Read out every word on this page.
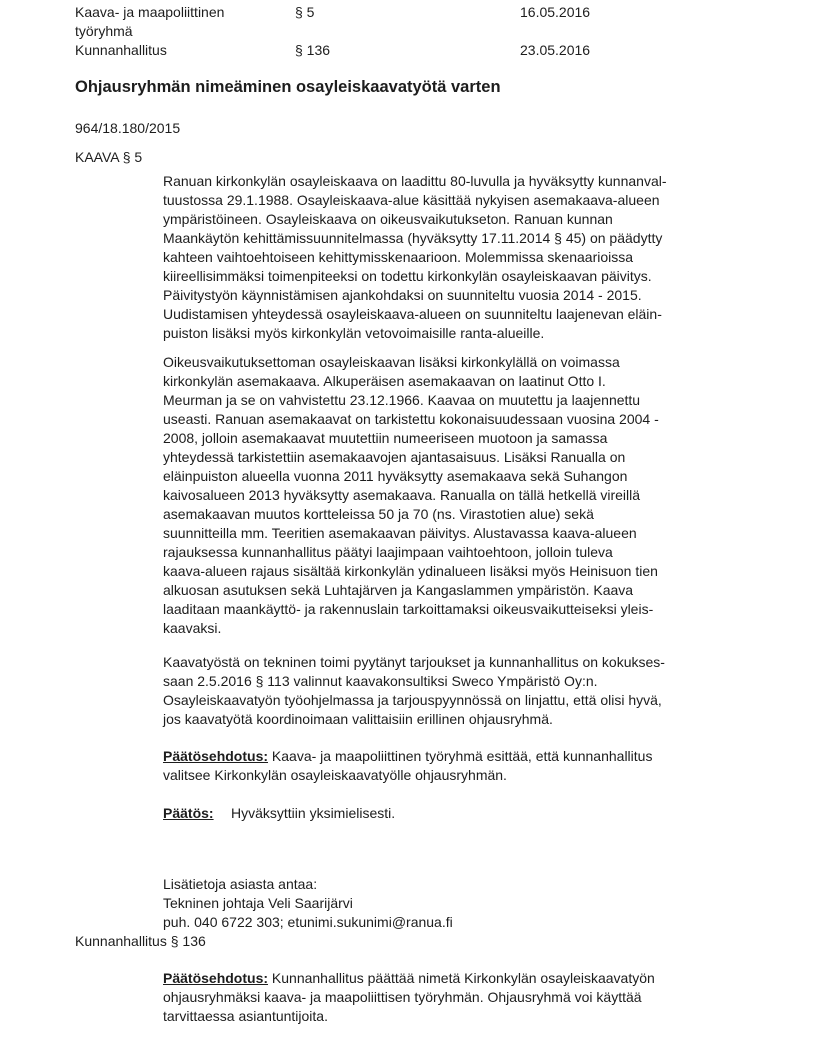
Kaava- ja maapoliittinen
työryhmä
§ 5	16.05.2016
Kunnanhallitus	§ 136	23.05.2016

Ohjausryhmän nimeäminen osayleiskaavatyötä varten

964/18.180/2015

KAAVA § 5

Ranuan kirkonkylän osayleiskaava on laadittu 80-luvulla ja hyväksytty kunnanval-
tuustossa 29.1.1988. Osayleiskaava-alue käsittää nykyisen asemakaava-alueen
ympäristöineen. Osayleiskaava on oikeusvaikutukseton. Ranuan kunnan
Maankäytön kehittämissuunnitelmassa (hyväksytty 17.11.2014 § 45) on päädytty
kahteen vaihtoehtoiseen kehittymisskenaarioon. Molemmissa skenaarioissa
kiireellisimmäksi toimenpiteeksi on todettu kirkonkylän osayleiskaavan päivitys.
Päivitystyön käynnistämisen ajankohdaksi on suunniteltu vuosia 2014 - 2015.
Uudistamisen yhteydessä osayleiskaava-alueen on suunniteltu laajenevan eläin-
puiston lisäksi myös kirkonkylän vetovoimaisille ranta-alueille.

Oikeusvaikutuksettoman osayleiskaavan lisäksi kirkonkylällä on voimassa
kirkonkylän asemakaava. Alkuperäisen asemakaavan on laatinut Otto I.
Meurman ja se on vahvistettu 23.12.1966. Kaavaa on muutettu ja laajennettu
useasti. Ranuan asemakaavat on tarkistettu kokonaisuudessaan vuosina 2004 -
2008, jolloin asemakaavat muutettiin numeeriseen muotoon ja samassa
yhteydessä tarkistettiin asemakaavojen ajantasaisuus. Lisäksi Ranualla on
eläinpuiston alueella vuonna 2011 hyväksytty asemakaava sekä Suhangon
kaivosalueen 2013 hyväksytty asemakaava. Ranualla on tällä hetkellä vireillä
asemakaavan muutos kortteleissa 50 ja 70 (ns. Virastotien alue) sekä
suunnitteilla mm. Teeritien asemakaavan päivitys. Alustavassa kaava-alueen
rajauksessa kunnanhallitus päätyi laajimpaan vaihtoehtoon, jolloin tuleva
kaava-alueen rajaus sisältää kirkonkylän ydinalueen lisäksi myös Heinisuon tien
alkuosan asutuksen sekä Luhtajärven ja Kangaslammen ympäristön. Kaava
laaditaan maankäyttö- ja rakennuslain tarkoittamaksi oikeusvaikutteiseksi yleis-
kaavaksi.

Kaavatyöstä on tekninen toimi pyytänyt tarjoukset ja kunnanhallitus on kokukses-
saan 2.5.2016 § 113 valinnut kaavakonsultiksi Sweco Ympäristö Oy:n.
Osayleiskaavatyön työohjelmassa ja tarjouspyynnössä on linjattu, että olisi hyvä,
jos kaavatyötä koordinoimaan valittaisiin erillinen ohjausryhmä.

Päätösehdotus: Kaava- ja maapoliittinen työryhmä esittää, että kunnanhallitus
valitsee Kirkonkylän osayleiskaavatyölle ohjausryhmän.

Päätös: Hyväksyttiin yksimielisesti.

Lisätietoja asiasta antaa:
Tekninen johtaja Veli Saarijärvi
puh. 040 6722 303; etunimi.sukunimi@ranua.fi

Kunnanhallitus § 136

Päätösehdotus: Kunnanhallitus päättää nimetä Kirkonkylän osayleiskaavatyön
ohjausryhmäksi kaava- ja maapoliittisen työryhmän. Ohjausryhmä voi käyttää
tarvittaessa asiantuntijoita.
